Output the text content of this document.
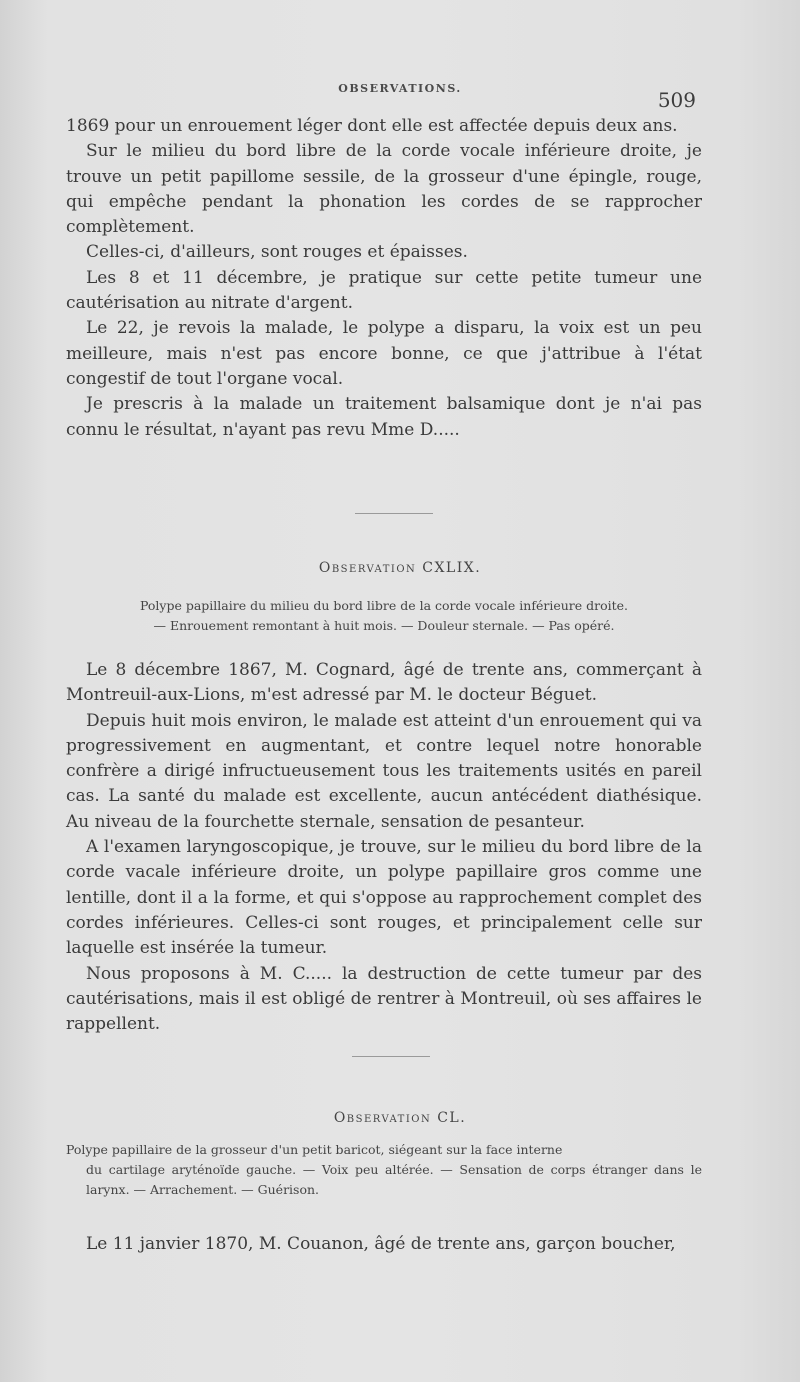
OBSERVATIONS.	509

1869 pour un enrouement léger dont elle est affectée depuis deux ans.

Sur le milieu du bord libre de la corde vocale inférieure droite, je trouve un petit papillome sessile, de la grosseur d'une épingle, rouge, qui empêche pendant la phonation les cordes de se rapprocher complètement.

Celles-ci, d'ailleurs, sont rouges et épaisses.

Les 8 et 11 décembre, je pratique sur cette petite tumeur une cautérisation au nitrate d'argent.

Le 22, je revois la malade, le polype a disparu, la voix est un peu meilleure, mais n'est pas encore bonne, ce que j'attribue à l'état congestif de tout l'organe vocal.

Je prescris à la malade un traitement balsamique dont je n'ai pas connu le résultat, n'ayant pas revu Mme D.....

Observation CXLIX.
Polype papillaire du milieu du bord libre de la corde vocale inférieure droite.
— Enrouement remontant à huit mois. — Douleur sternale. — Pas opéré.

Le 8 décembre 1867, M. Cognard, âgé de trente ans, commerçant à Montreuil-aux-Lions, m'est adressé par M. le docteur Béguet.

Depuis huit mois environ, le malade est atteint d'un enrouement qui va progressivement en augmentant, et contre lequel notre honorable confrère a dirigé infructueusement tous les traitements usités en pareil cas. La santé du malade est excellente, aucun antécédent diathésique. Au niveau de la fourchette sternale, sensation de pesanteur.

A l'examen laryngoscopique, je trouve, sur le milieu du bord libre de la corde vacale inférieure droite, un polype papillaire gros comme une lentille, dont il a la forme, et qui s'oppose au rapprochement complet des cordes inférieures. Celles-ci sont rouges, et principalement celle sur laquelle est insérée la tumeur.

Nous proposons à M. C..... la destruction de cette tumeur par des cautérisations, mais il est obligé de rentrer à Montreuil, où ses affaires le rappellent.

Observation CL.
Polype papillaire de la grosseur d'un petit baricot, siégeant sur la face interne
du cartilage aryténoïde gauche. — Voix peu altérée. — Sensation de corps étranger dans le larynx. — Arrachement. — Guérison.

Le 11 janvier 1870, M. Couanon, âgé de trente ans, garçon boucher,
